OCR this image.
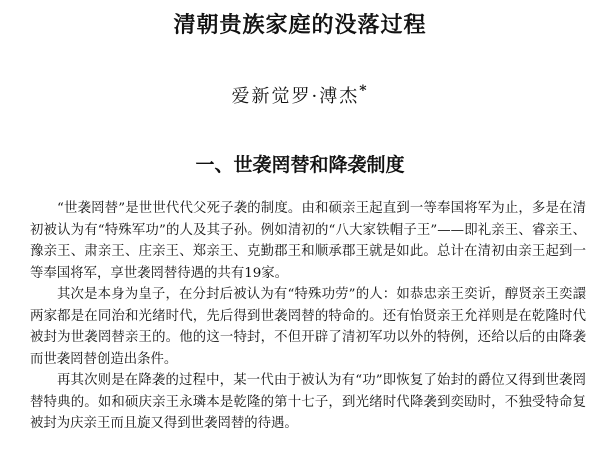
清朝贵族家庭的没落过程
爱新觉罗·溥杰*
一、世袭罔替和降袭制度

“世袭罔替”是世世代代父死子袭的制度。由和硕亲王起直到一等奉国将军为止，多是在清初被认为有“特殊军功”的人及其子孙。例如清初的“八大家铁帽子王”——即礼亲王、睿亲王、豫亲王、肃亲王、庄亲王、郑亲王、克勤郡王和顺承郡王就是如此。总计在清初由亲王起到一等奉国将军，享世袭罔替待遇的共有19家。

其次是本身为皇子，在分封后被认为有“特殊功劳”的人：如恭忠亲王奕䜣，醇贤亲王奕譞两家都是在同治和光绪时代，先后得到世袭罔替的特命的。还有怡贤亲王允祥则是在乾隆时代被封为世袭罔替亲王的。他的这一特封，不但开辟了清初军功以外的特例，还给以后的由降袭而世袭罔替创造出条件。

再其次则是在降袭的过程中，某一代由于被认为有“功”即恢复了始封的爵位又得到世袭罔替特典的。如和硕庆亲王永璘本是乾隆的第十七子，到光绪时代降袭到奕劻时，不独受特命复被封为庆亲王而且旋又得到世袭罔替的待遇。
